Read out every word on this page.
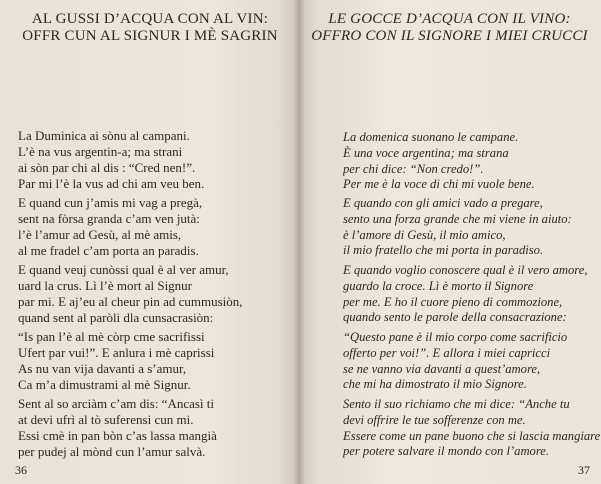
AL GUSSI D’ACQUA CON AL VIN:
OFFR CUN AL SIGNUR I MÈ SAGRIN

La Duminica ai sònu al campani.
L’è na vus argentin-a; ma strani
ai sòn par chi al dis : “Cred nen!”.
Par mi l’è la vus ad chi am veu ben.

E quand cun j’amis mi vag a pregà,
sent na fòrsa granda c’am ven jutà:
l’è l’amur ad Gesù, al mè amis,
al me fradel c’am porta an paradis.

E quand veuj cunòssi qual è al ver amur,
uard la crus. Lì l’è mort al Signur
par mi. E aj’eu al cheur pin ad cummusiòn,
quand sent al paròli dla cunsacrasiòn:

“Is pan l’è al mè còrp cme sacrifissi
Ufert par vui!”. E anlura i mè caprissi
As nu van vija davanti a s’amur,
Ca m’a dimustrami al mè Signur.

Sent al so arciàm c’am dis: “Ancasì ti
at devi ufrì al tò suferensi cun mi.
Essi cmè in pan bòn c’as lassa mangià
per pudej al mònd cun l’amur salvà.

36
LE GOCCE D’ACQUA CON IL VINO:
OFFRO CON IL SIGNORE I MIEI CRUCCI

La domenica suonano le campane.
È una voce argentina; ma strana
per chi dice: “Non credo!”.
Per me è la voce di chi mi vuole bene.

E quando con gli amici vado a pregare,
sento una forza grande che mi viene in aiuto:
è l’amore di Gesù, il mio amico,
il mio fratello che mi porta in paradiso.

E quando voglio conoscere qual è il vero amore,
guardo la croce. Lì è morto il Signore
per me. E ho il cuore pieno di commozione,
quando sento le parole della consacrazione:

“Questo pane è il mio corpo come sacrificio
offerto per voi!”. E allora i miei capricci
se ne vanno via davanti a quest’amore,
che mi ha dimostrato il mio Signore.

Sento il suo richiamo che mi dice: “Anche tu
devi offrire le tue sofferenze con me.
Essere come un pane buono che si lascia mangiare
per potere salvare il mondo con l’amore.

37
